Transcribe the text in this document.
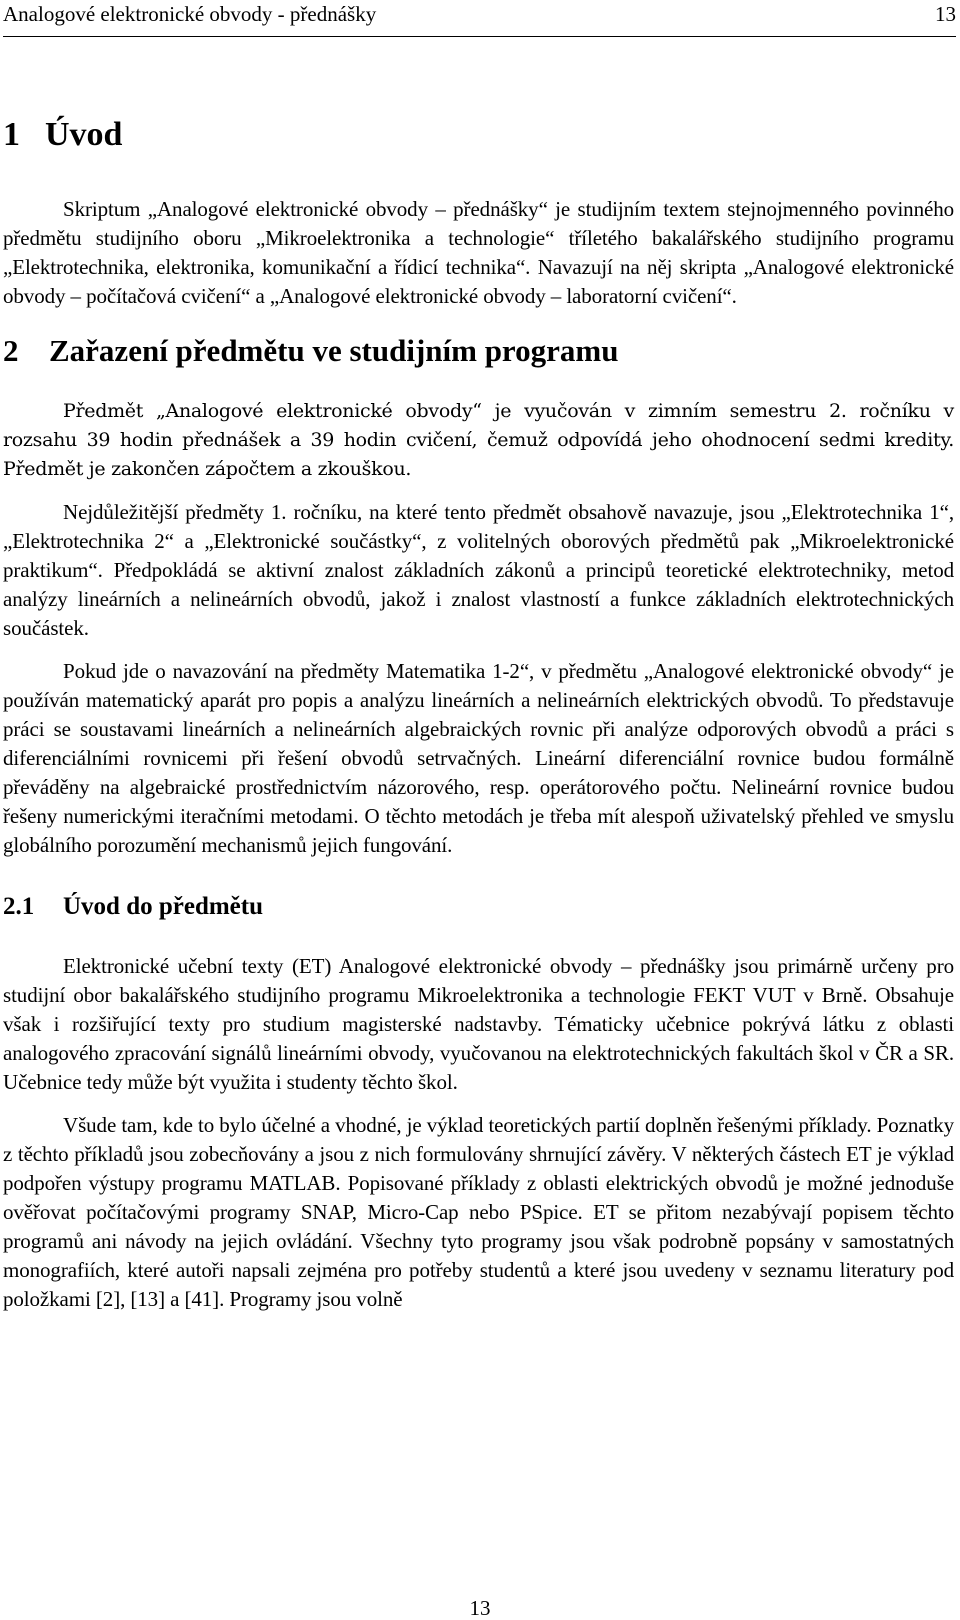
Analogové elektronické obvody - přednášky	13
1 Úvod

Skriptum „Analogové elektronické obvody – přednášky“ je studijním textem stejnojmenného povinného předmětu studijního oboru „Mikroelektronika a technologie“ tříletého bakalářského studijního programu „Elektrotechnika, elektronika, komunikační a řídicí technika“. Navazují na něj skripta „Analogové elektronické obvody – počítačová cvičení“ a „Analogové elektronické obvody – laboratorní cvičení“.

2 Zařazení předmětu ve studijním programu

Předmět „Analogové elektronické obvody“ je vyučován v zimním semestru 2. ročníku v rozsahu 39 hodin přednášek a 39 hodin cvičení, čemuž odpovídá jeho ohodnocení sedmi kredity. Předmět je zakončen zápočtem a zkouškou.

Nejdůležitější předměty 1. ročníku, na které tento předmět obsahově navazuje, jsou „Elektrotechnika 1“, „Elektrotechnika 2“ a „Elektronické součástky“, z volitelných oborových předmětů pak „Mikroelektronické praktikum“. Předpokládá se aktivní znalost základních zákonů a principů teoretické elektrotechniky, metod analýzy lineárních a nelineárních obvodů, jakož i znalost vlastností a funkce základních elektrotechnických součástek.

Pokud jde o navazování na předměty Matematika 1-2“, v předmětu „Analogové elektronické obvody“ je používán matematický aparát pro popis a analýzu lineárních a nelineárních elektrických obvodů. To představuje práci se soustavami lineárních a nelineárních algebraických rovnic při analýze odporových obvodů a práci s diferenciálními rovnicemi při řešení obvodů setrvačných. Lineární diferenciální rovnice budou formálně převáděny na algebraické prostřednictvím názorového, resp. operátorového počtu. Nelineární rovnice budou řešeny numerickými iteračními metodami. O těchto metodách je třeba mít alespoň uživatelský přehled ve smyslu globálního porozumění mechanismů jejich fungování.

2.1 Úvod do předmětu

Elektronické učební texty (ET) Analogové elektronické obvody – přednášky jsou primárně určeny pro studijní obor bakalářského studijního programu Mikroelektronika a technologie FEKT VUT v Brně. Obsahuje však i rozšiřující texty pro studium magisterské nadstavby. Tématicky učebnice pokrývá látku z oblasti analogového zpracování signálů lineárními obvody, vyučovanou na elektrotechnických fakultách škol v ČR a SR. Učebnice tedy může být využita i studenty těchto škol.

Všude tam, kde to bylo účelné a vhodné, je výklad teoretických partií doplněn řešenými příklady. Poznatky z těchto příkladů jsou zobecňovány a jsou z nich formulovány shrnující závěry. V některých částech ET je výklad podpořen výstupy programu MATLAB. Popisované příklady z oblasti elektrických obvodů je možné jednoduše ověřovat počítačovými programy SNAP, Micro-Cap nebo PSpice. ET se přitom nezabývají popisem těchto programů ani návody na jejich ovládání. Všechny tyto programy jsou však podrobně popsány v samostatných monografiích, které autoři napsali zejména pro potřeby studentů a které jsou uvedeny v seznamu literatury pod položkami [2], [13] a [41]. Programy jsou volně

13
